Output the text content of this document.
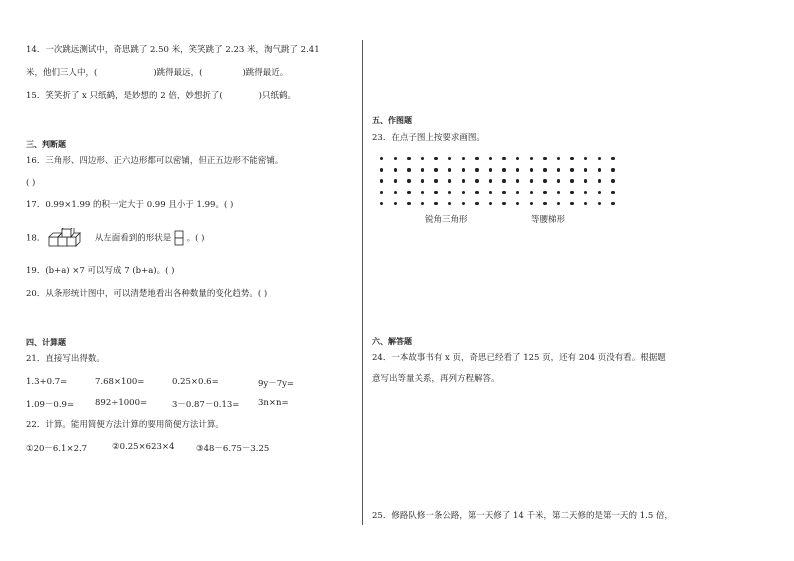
14．一次跳远测试中，奇思跳了 2.50 米，笑笑跳了 2.23 米，淘气跳了 2.41
米，他们三人中，(	)跳得最远，(	)跳得最近。
15．笑笑折了 x 只纸鹤，是妙想的 2 倍，妙想折了(	)只纸鹤。
三、判断题
16．三角形、四边形、正六边形都可以密铺，但正五边形不能密铺。
( )
17．0.99×1.99 的积一定大于 0.99 且小于 1.99。( )
18．	从左面看到的形状是 。( )
19．(b+a) ×7 可以写成 7 (b+a)。( )
20．从条形统计图中，可以清楚地看出各种数量的变化趋势。( )
四、计算题
21．直接写出得数。
1.3+0.7=	7.68×100=	0.25×0.6=	9y－7y=
1.09－0.9= 892÷1000=	3－0.87－0.13= 3n×n=
22．计算。能用简便方法计算的要用简便方法计算。
①20－6.1×2.7	②0.25×623×4	③48－6.75－3.25
五、作图题
23．在点子图上按要求画图。
锐角三角形	等腰梯形
六、解答题
24．一本故事书有 x 页，奇思已经看了 125 页，还有 204 页没有看。根据题
意写出等量关系，再列方程解答。
25．修路队修一条公路，第一天修了 14 千米，第二天修的是第一天的 1.5 倍，
